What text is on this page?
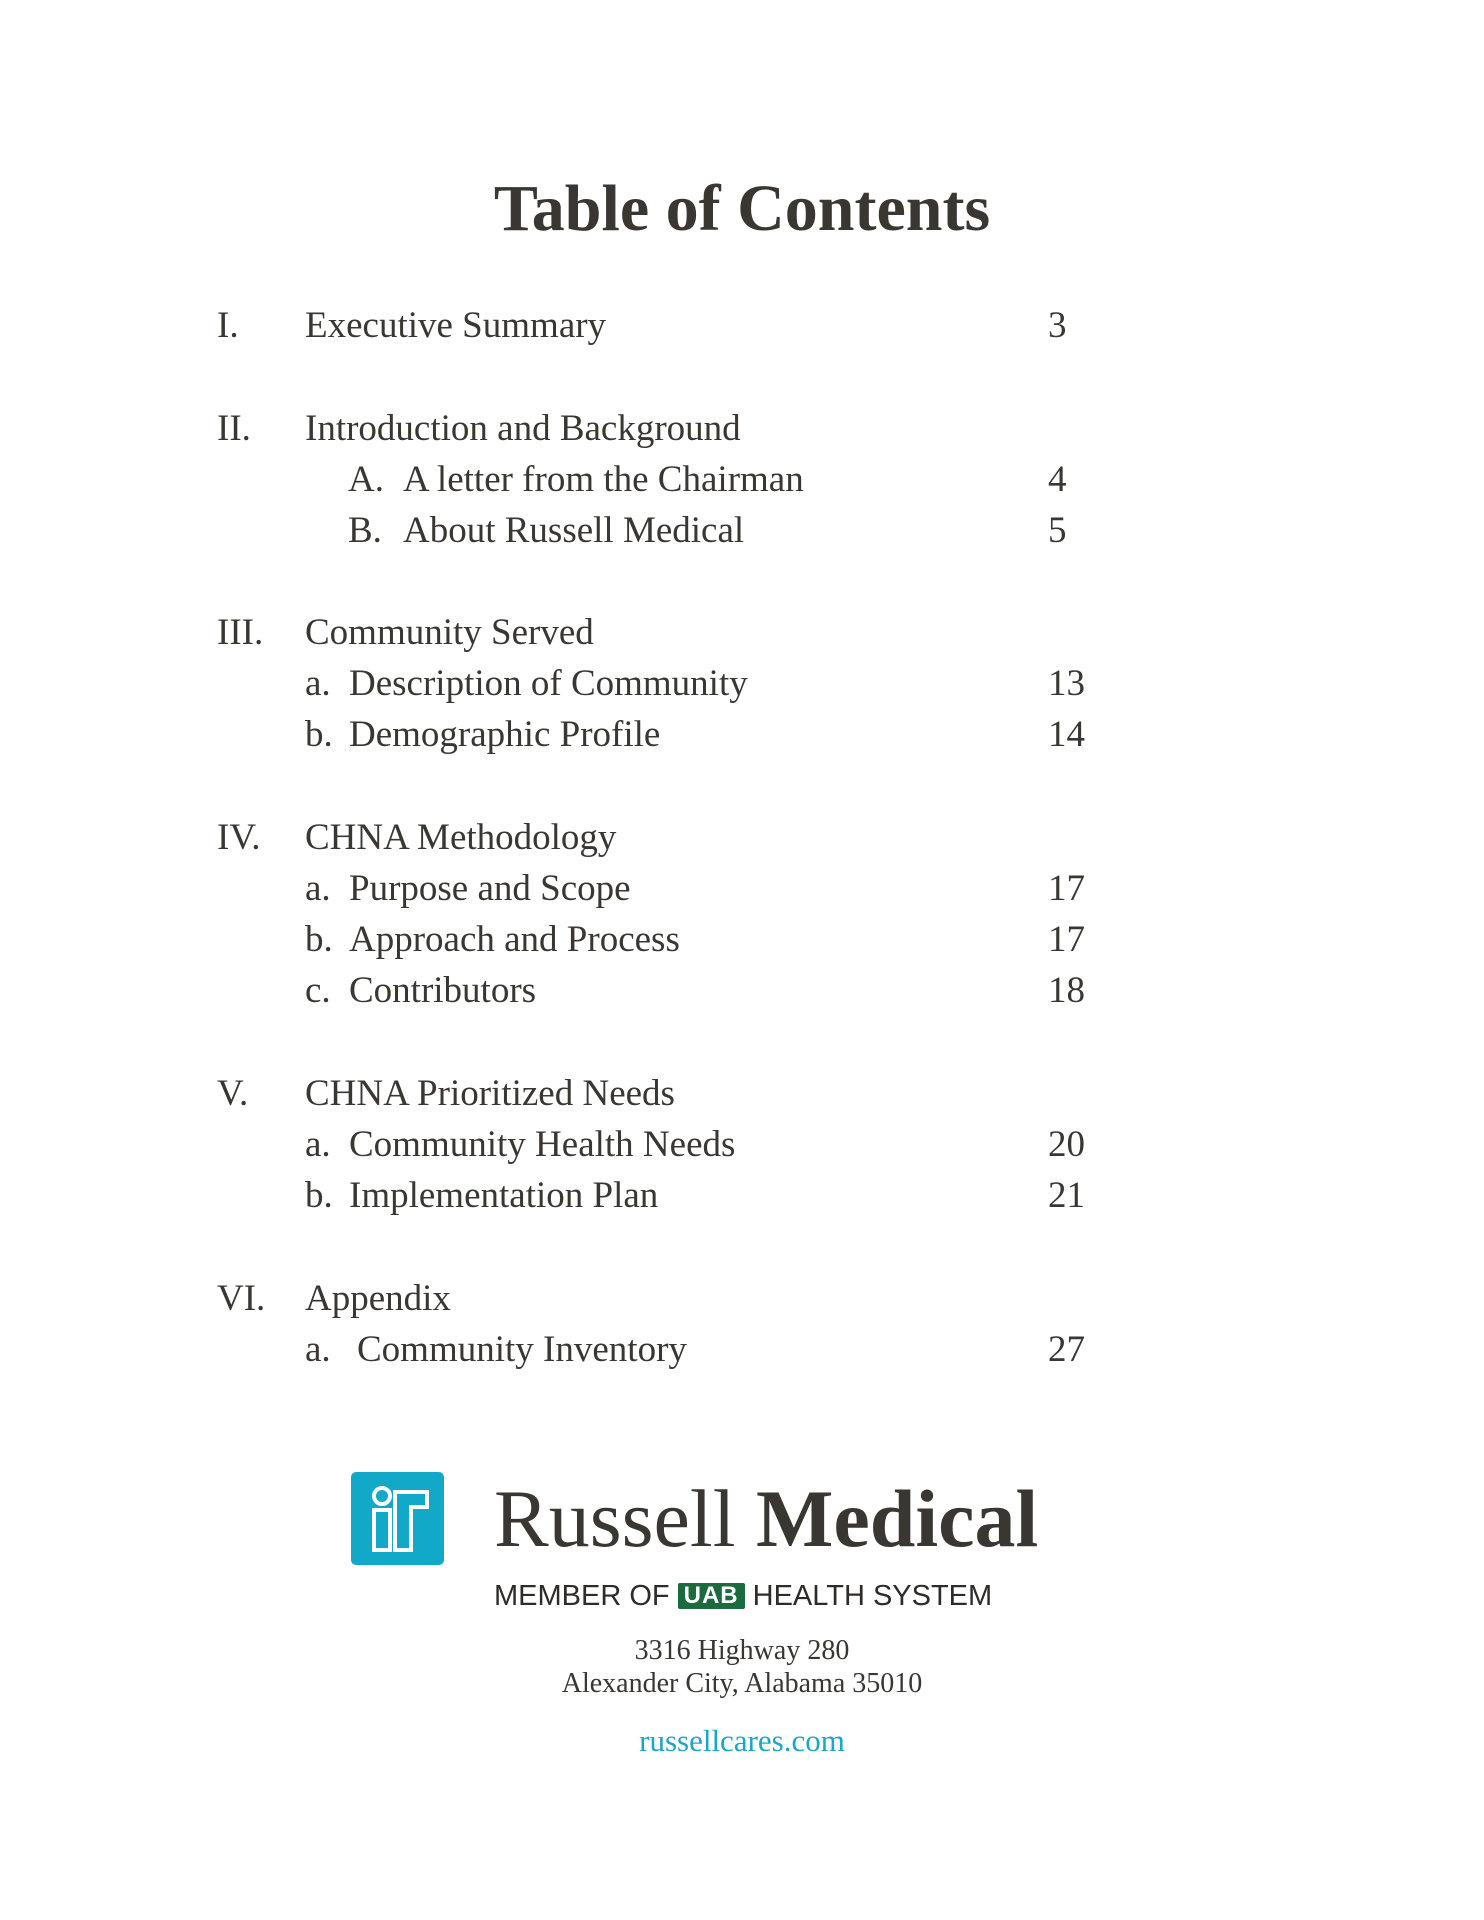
Table of Contents
I. Executive Summary	3
II. Introduction and Background
A. A letter from the Chairman	4
B. About Russell Medical	5
III. Community Served
a. Description of Community	13
b. Demographic Profile	14
IV. CHNA Methodology
a. Purpose and Scope	17
b. Approach and Process	17
c. Contributors	18
V. CHNA Prioritized Needs
a. Community Health Needs	20
b. Implementation Plan	21
VI. Appendix
a. Community Inventory	27
Russell Medical
MEMBER OF UAB HEALTH SYSTEM
3316 Highway 280
Alexander City, Alabama 35010
russellcares.com
